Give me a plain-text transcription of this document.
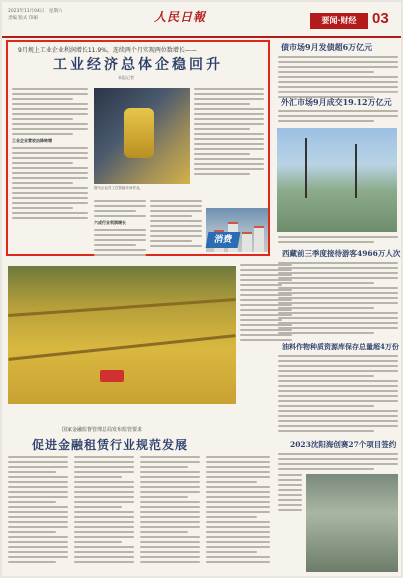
2023年11月04日　星期六
责编 版式 印刷	人民日報	要闻·财经	03
9月规上工业企业利润增长11.9%，连续两个月实现两位数增长——
工业经济总体企稳回升
本报记者
工业企业营收由降转增
图为企业员工在智能车间作业。
六成行业利润增长
债市场9月发债超6万亿元
外汇市场9月成交19.12万亿元
西藏前三季度接待游客4966万人次
油料作物种质资源库保存总量超4万份
2023沈阳海创赛27个项目签约
消费
国家金融监督管理总局发布监管要求
促进金融租赁行业规范发展
